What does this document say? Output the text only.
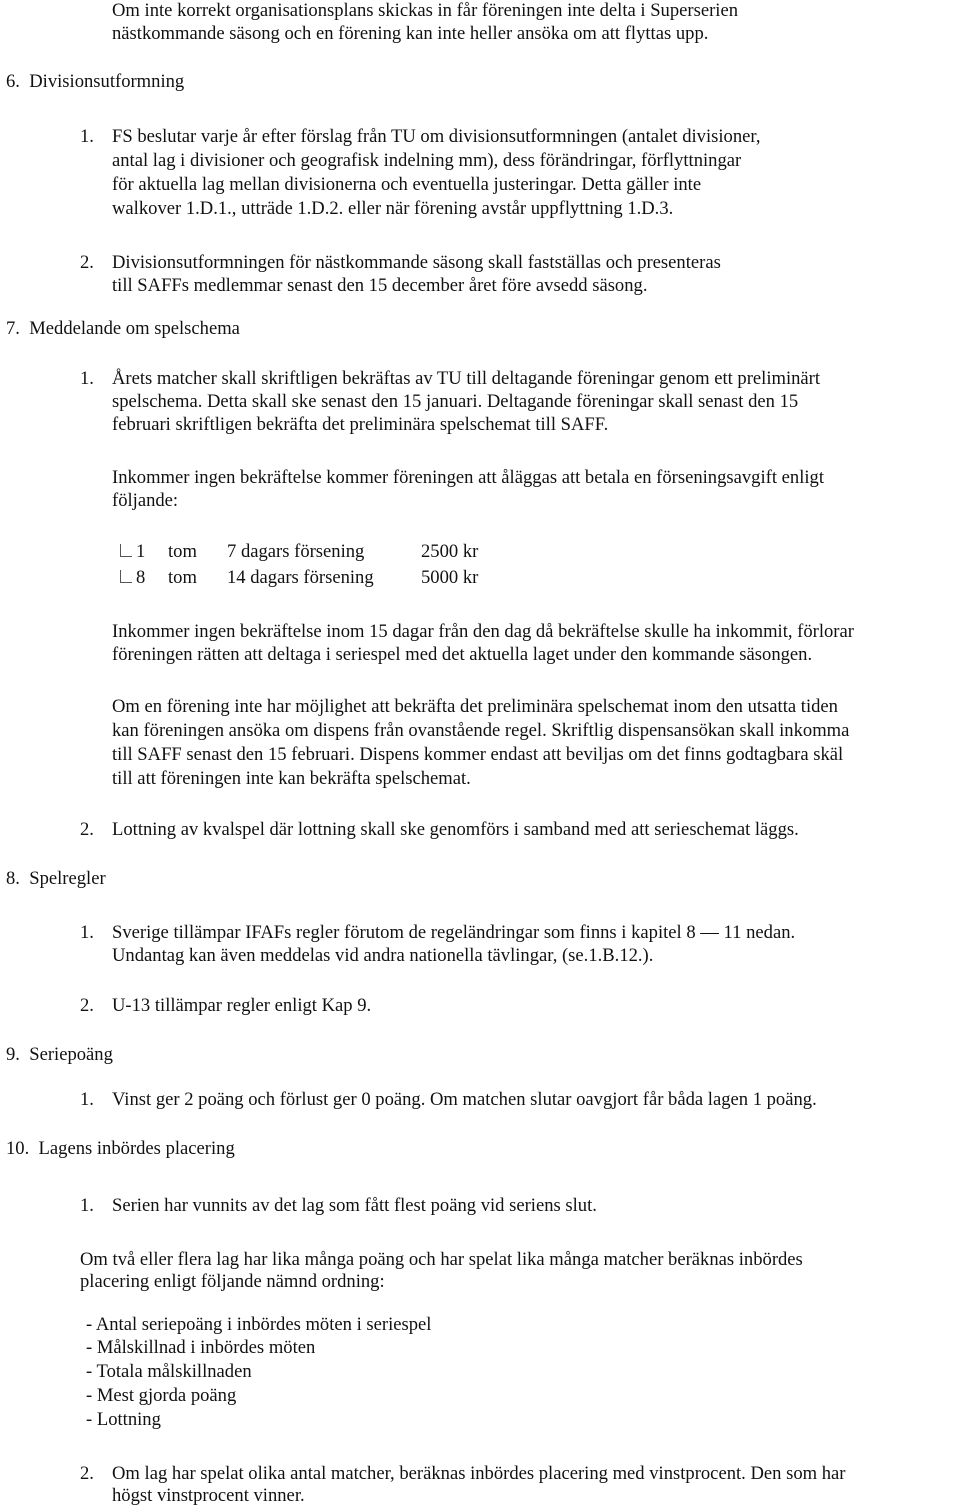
Om inte korrekt organisationsplans skickas in får föreningen inte delta i Superserien

nästkommande säsong och en förening kan inte heller ansöka om att flyttas upp.

6. Divisionsutformning

1. FS beslutar varje år efter förslag från TU om divisionsutformningen (antalet divisioner,

antal lag i divisioner och geografisk indelning mm), dess förändringar, förflyttningar

för aktuella lag mellan divisionerna och eventuella justeringar. Detta gäller inte

walkover 1.D.1., utträde 1.D.2. eller när förening avstår uppflyttning 1.D.3.

2. Divisionsutformningen för nästkommande säsong skall fastställas och presenteras

till SAFFs medlemmar senast den 15 december året före avsedd säsong.

7. Meddelande om spelschema

1. Årets matcher skall skriftligen bekräftas av TU till deltagande föreningar genom ett preliminärt

spelschema. Detta skall ske senast den 15 januari. Deltagande föreningar skall senast den 15

februari skriftligen bekräfta det preliminära spelschemat till SAFF.

Inkommer ingen bekräftelse kommer föreningen att åläggas att betala en förseningsavgift enligt

följande:

1 tom 7 dagars försening	2500 kr
8 tom 14 dagars försening	5000 kr

Inkommer ingen bekräftelse inom 15 dagar från den dag då bekräftelse skulle ha inkommit, förlorar

föreningen rätten att deltaga i seriespel med det aktuella laget under den kommande säsongen.

Om en förening inte har möjlighet att bekräfta det preliminära spelschemat inom den utsatta tiden

kan föreningen ansöka om dispens från ovanstående regel. Skriftlig dispensansökan skall inkomma

till SAFF senast den 15 februari. Dispens kommer endast att beviljas om det finns godtagbara skäl

till att föreningen inte kan bekräfta spelschemat.

2. Lottning av kvalspel där lottning skall ske genomförs i samband med att serieschemat läggs.

8. Spelregler

1. Sverige tillämpar IFAFs regler förutom de regeländringar som finns i kapitel 8 — 11 nedan.

Undantag kan även meddelas vid andra nationella tävlingar, (se.1.B.12.).

2. U-13 tillämpar regler enligt Kap 9.

9. Seriepoäng

1. Vinst ger 2 poäng och förlust ger 0 poäng. Om matchen slutar oavgjort får båda lagen 1 poäng.

10. Lagens inbördes placering

1. Serien har vunnits av det lag som fått flest poäng vid seriens slut.

Om två eller flera lag har lika många poäng och har spelat lika många matcher beräknas inbördes

placering enligt följande nämnd ordning:

- Antal seriepoäng i inbördes möten i seriespel

- Målskillnad i inbördes möten

- Totala målskillnaden

- Mest gjorda poäng

- Lottning

2. Om lag har spelat olika antal matcher, beräknas inbördes placering med vinstprocent. Den som har

högst vinstprocent vinner.
